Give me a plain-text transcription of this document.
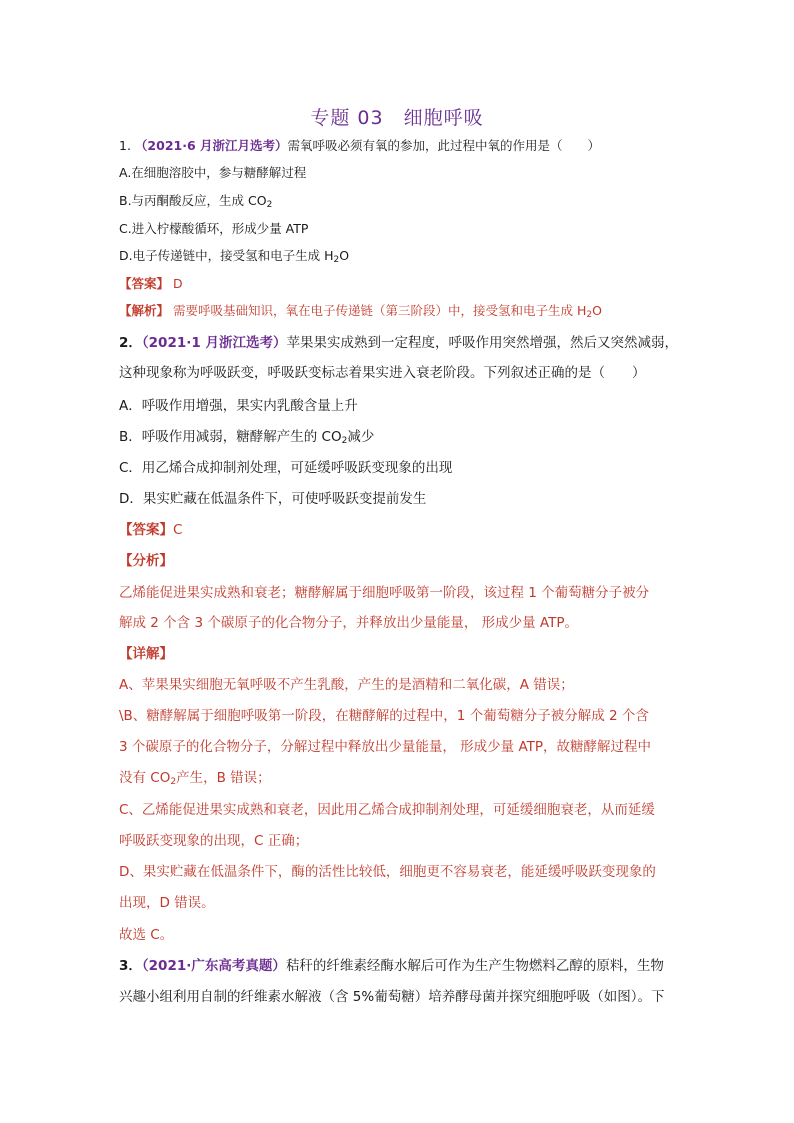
专题 03　细胞呼吸
1. （2021·6 月浙江月选考）需氧呼吸必须有氧的参加，此过程中氧的作用是（　　）
A.在细胞溶胶中，参与糖酵解过程
B.与丙酮酸反应，生成 $CO_2$
C.进入柠檬酸循环，形成少量 ATP
D.电子传递链中，接受氢和电子生成 $H_2O$
【答案】 D
【解析】 需要呼吸基础知识，氧在电子传递链（第三阶段）中，接受氢和电子生成 $H_2O$
2．（2021·1 月浙江选考）苹果果实成熟到一定程度，呼吸作用突然增强，然后又突然减弱，
这种现象称为呼吸跃变，呼吸跃变标志着果实进入衰老阶段。下列叙述正确的是（　　）
A．呼吸作用增强，果实内乳酸含量上升
B．呼吸作用减弱，糖酵解产生的 $CO_2$减少
C．用乙烯合成抑制剂处理，可延缓呼吸跃变现象的出现
D．果实贮藏在低温条件下，可使呼吸跃变提前发生
【答案】C
【分析】
乙烯能促进果实成熟和衰老；糖酵解属于细胞呼吸第一阶段，该过程 1 个葡萄糖分子被分
解成 2 个含 3 个碳原子的化合物分子，并释放出少量能量， 形成少量 ATP。
【详解】
A、苹果果实细胞无氧呼吸不产生乳酸，产生的是酒精和二氧化碳，A 错误；
\B、糖酵解属于细胞呼吸第一阶段，在糖酵解的过程中，1 个葡萄糖分子被分解成 2 个含
3 个碳原子的化合物分子，分解过程中释放出少量能量， 形成少量 ATP，故糖酵解过程中
没有 $CO_2$产生，B 错误；
C、乙烯能促进果实成熟和衰老，因此用乙烯合成抑制剂处理，可延缓细胞衰老，从而延缓
呼吸跃变现象的出现，C 正确；
D、果实贮藏在低温条件下，酶的活性比较低，细胞更不容易衰老，能延缓呼吸跃变现象的
出现，D 错误。
故选 C。
3．（2021·广东高考真题）秸秆的纤维素经酶水解后可作为生产生物燃料乙醇的原料，生物
兴趣小组利用自制的纤维素水解液（含 5%葡萄糖）培养酵母菌并探究细胞呼吸（如图）。下
